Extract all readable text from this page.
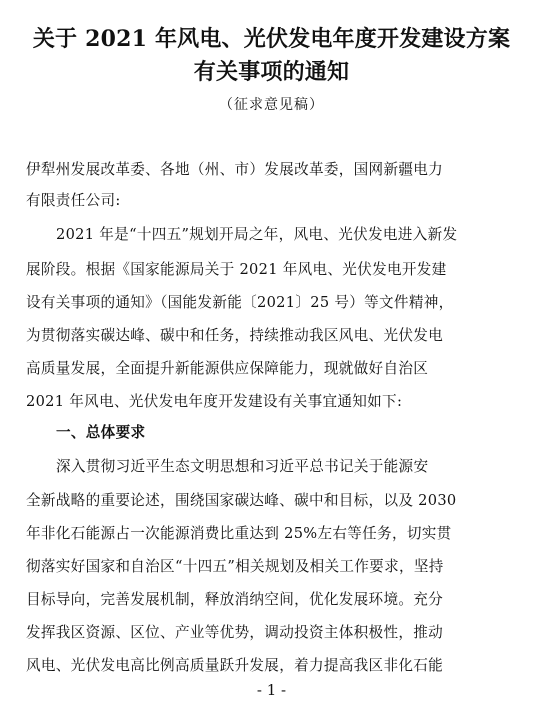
关于 2021 年风电、光伏发电年度开发建设方案
有关事项的通知
（征求意见稿）
伊犁州发展改革委、各地（州、市）发展改革委，国网新疆电力
有限责任公司:
2021 年是“十四五”规划开局之年，风电、光伏发电进入新发
展阶段。根据《国家能源局关于 2021 年风电、光伏发电开发建
设有关事项的通知》（国能发新能〔2021〕25 号）等文件精神，
为贯彻落实碳达峰、碳中和任务，持续推动我区风电、光伏发电
高质量发展，全面提升新能源供应保障能力，现就做好自治区
2021 年风电、光伏发电年度开发建设有关事宜通知如下:
一、总体要求
深入贯彻习近平生态文明思想和习近平总书记关于能源安
全新战略的重要论述，围绕国家碳达峰、碳中和目标，以及 2030
年非化石能源占一次能源消费比重达到 25%左右等任务，切实贯
彻落实好国家和自治区“十四五”相关规划及相关工作要求，坚持
目标导向，完善发展机制，释放消纳空间，优化发展环境。充分
发挥我区资源、区位、产业等优势，调动投资主体积极性，推动
风电、光伏发电高比例高质量跃升发展，着力提高我区非化石能
- 1 -
